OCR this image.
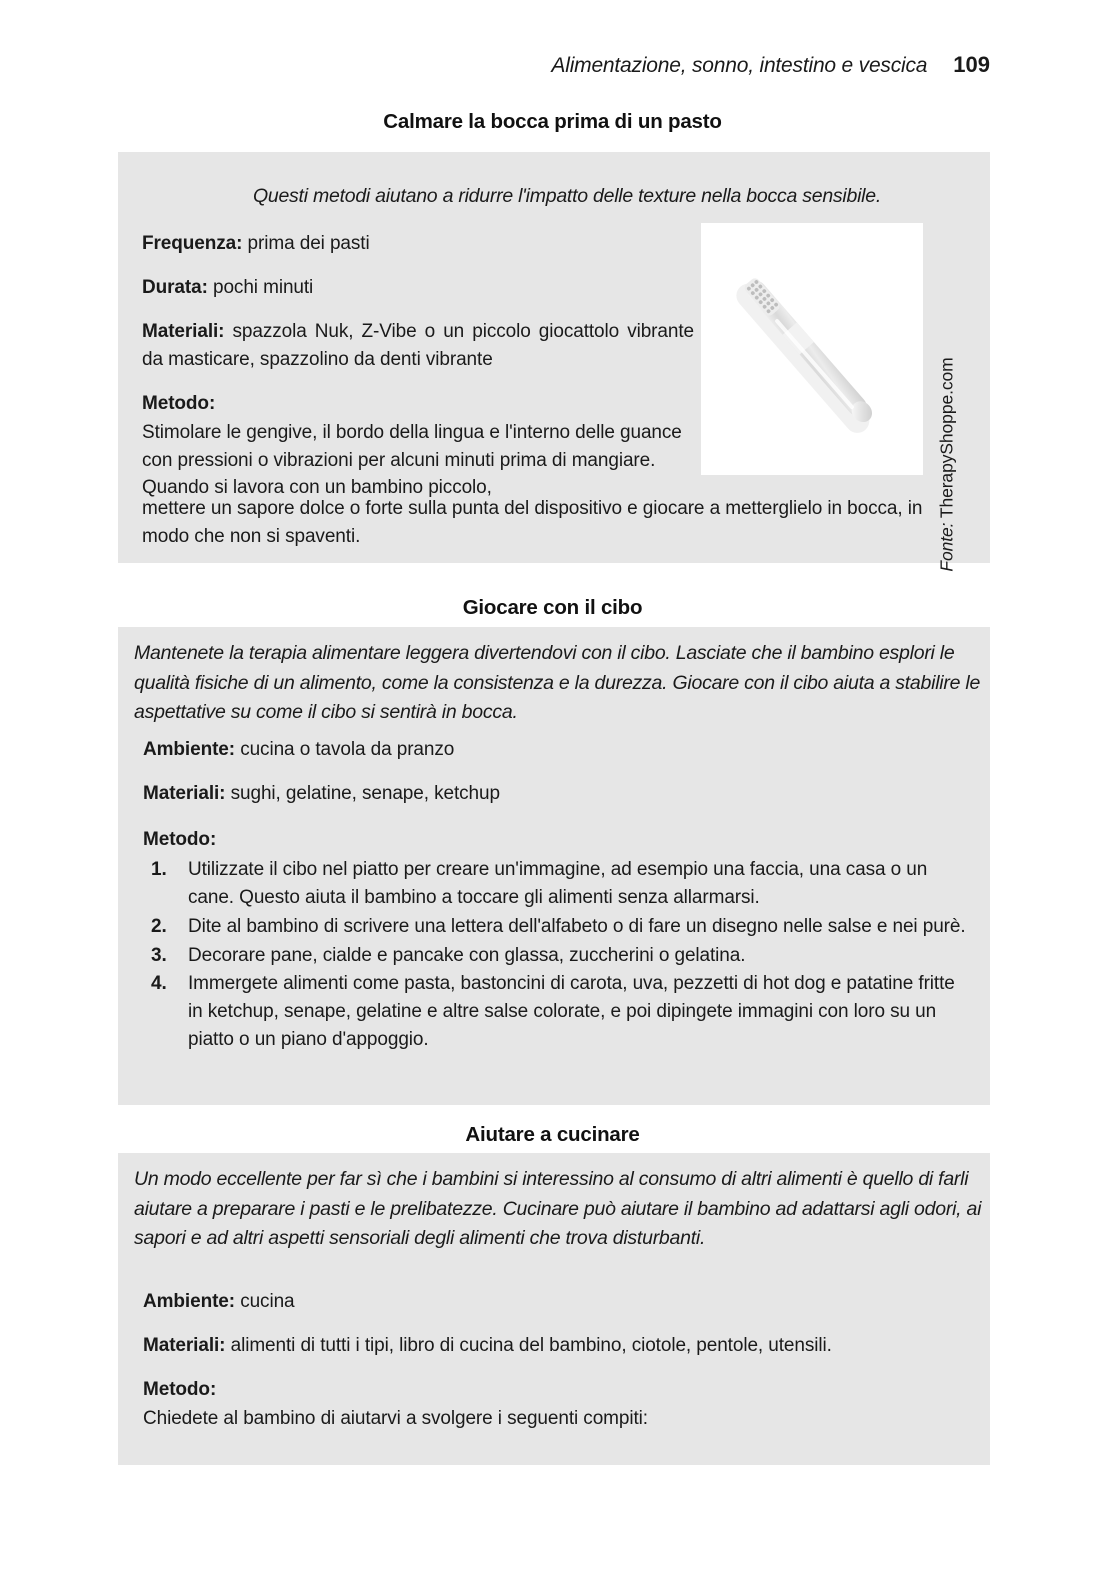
Alimentazione, sonno, intestino e vescica 109
Calmare la bocca prima di un pasto
Questi metodi aiutano a ridurre l'impatto delle texture nella bocca sensibile.
Frequenza: prima dei pasti
Durata: pochi minuti
Materiali: spazzola Nuk, Z-Vibe o un piccolo giocattolo vibrante da masticare, spazzolino da denti vibrante
Metodo:
Stimolare le gengive, il bordo della lingua e l'interno delle guance con pressioni o vibrazioni per alcuni minuti prima di mangiare. Quando si lavora con un bambino piccolo,
mettere un sapore dolce o forte sulla punta del dispositivo e giocare a metterglielo in bocca, in modo che non si spaventi.	Fonte: TherapyShoppe.com
Giocare con il cibo
Mantenete la terapia alimentare leggera divertendovi con il cibo. Lasciate che il bambino esplori le qualità fisiche di un alimento, come la consistenza e la durezza. Giocare con il cibo aiuta a stabilire le aspettative su come il cibo si sentirà in bocca.
Ambiente: cucina o tavola da pranzo
Materiali: sughi, gelatine, senape, ketchup
Metodo:
Utilizzate il cibo nel piatto per creare un'immagine, ad esempio una faccia, una casa o un cane. Questo aiuta il bambino a toccare gli alimenti senza allarmarsi.
Dite al bambino di scrivere una lettera dell'alfabeto o di fare un disegno nelle salse e nei purè.
Decorare pane, cialde e pancake con glassa, zuccherini o gelatina.
Immergete alimenti come pasta, bastoncini di carota, uva, pezzetti di hot dog e patatine fritte in ketchup, senape, gelatine e altre salse colorate, e poi dipingete immagini con loro su un piatto o un piano d'appoggio.
Aiutare a cucinare
Un modo eccellente per far sì che i bambini si interessino al consumo di altri alimenti è quello di farli aiutare a preparare i pasti e le prelibatezze. Cucinare può aiutare il bambino ad adattarsi agli odori, ai sapori e ad altri aspetti sensoriali degli alimenti che trova disturbanti.
Ambiente: cucina
Materiali: alimenti di tutti i tipi, libro di cucina del bambino, ciotole, pentole, utensili.
Metodo:
Chiedete al bambino di aiutarvi a svolgere i seguenti compiti:
